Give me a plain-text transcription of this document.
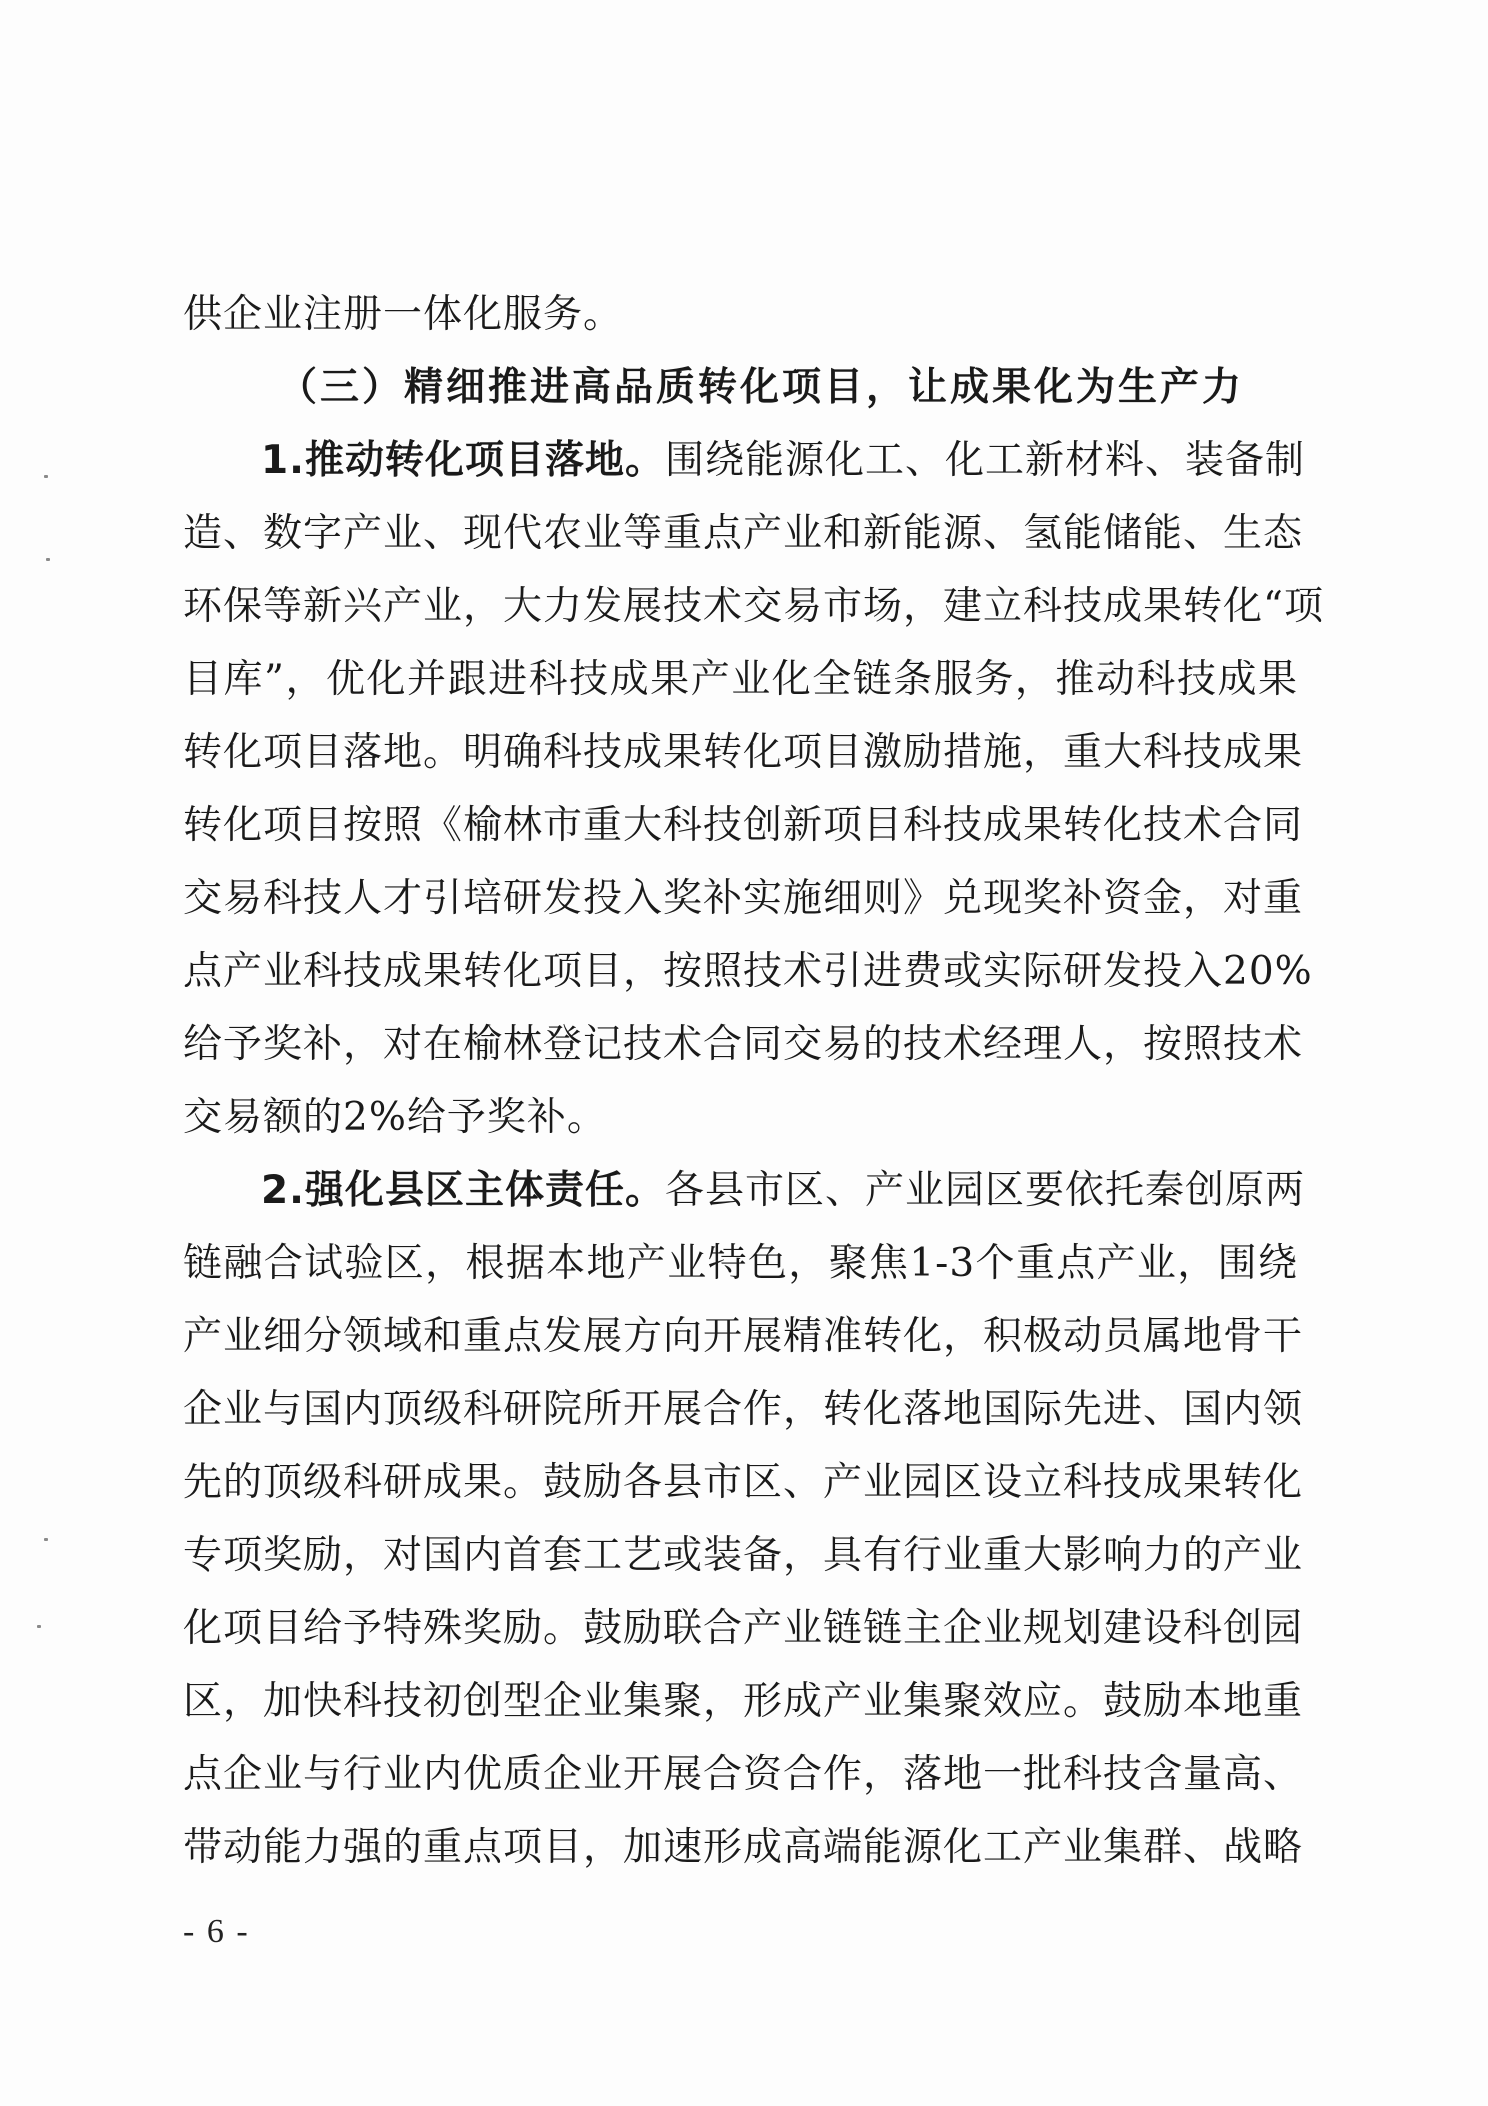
供企业注册一体化服务。
（三）精细推进高品质转化项目，让成果化为生产力
1.推动转化项目落地。围绕能源化工、化工新材料、装备制
造、数字产业、现代农业等重点产业和新能源、氢能储能、生态
环保等新兴产业，大力发展技术交易市场，建立科技成果转化“项
目库”，优化并跟进科技成果产业化全链条服务，推动科技成果
转化项目落地。明确科技成果转化项目激励措施，重大科技成果
转化项目按照《榆林市重大科技创新项目科技成果转化技术合同
交易科技人才引培研发投入奖补实施细则》兑现奖补资金，对重
点产业科技成果转化项目，按照技术引进费或实际研发投入20%
给予奖补，对在榆林登记技术合同交易的技术经理人，按照技术
交易额的2%给予奖补。
2.强化县区主体责任。各县市区、产业园区要依托秦创原两
链融合试验区，根据本地产业特色，聚焦1-3个重点产业，围绕
产业细分领域和重点发展方向开展精准转化，积极动员属地骨干
企业与国内顶级科研院所开展合作，转化落地国际先进、国内领
先的顶级科研成果。鼓励各县市区、产业园区设立科技成果转化
专项奖励，对国内首套工艺或装备，具有行业重大影响力的产业
化项目给予特殊奖励。鼓励联合产业链链主企业规划建设科创园
区，加快科技初创型企业集聚，形成产业集聚效应。鼓励本地重
点企业与行业内优质企业开展合资合作，落地一批科技含量高、
带动能力强的重点项目，加速形成高端能源化工产业集群、战略
- 6 -
